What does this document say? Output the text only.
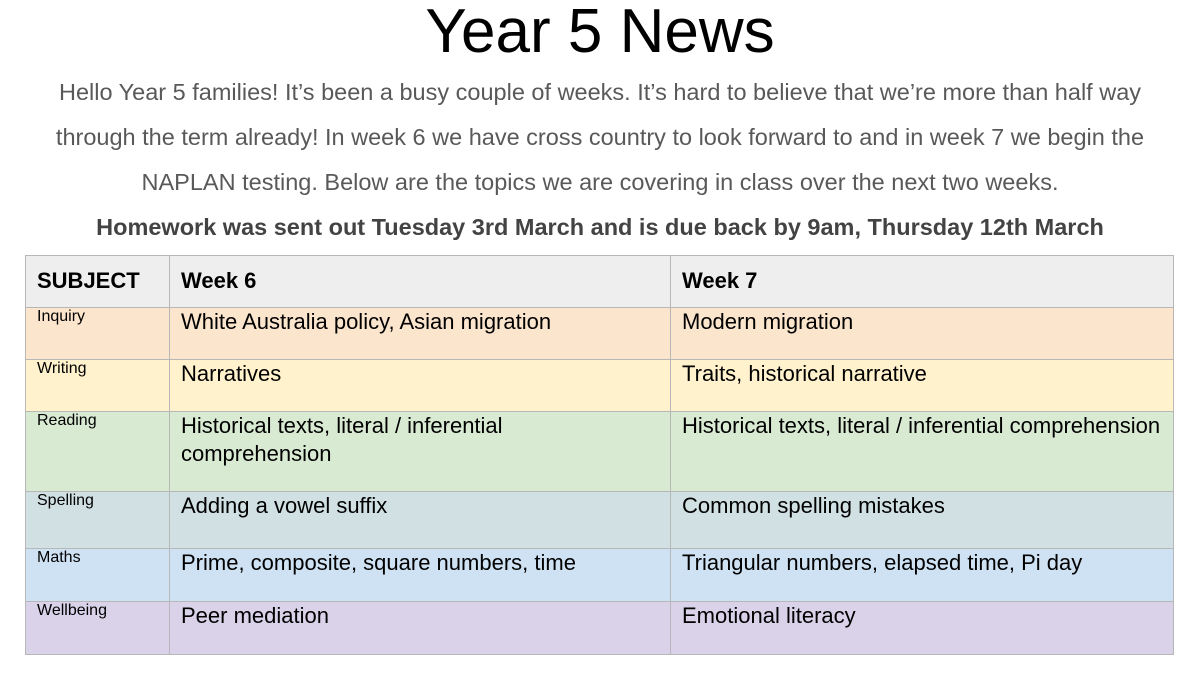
Year 5 News
Hello Year 5 families! It’s been a busy couple of weeks. It’s hard to believe that we’re more than half way through the term already! In week 6 we have cross country to look forward to and in week 7 we begin the NAPLAN testing. Below are the topics we are covering in class over the next two weeks.
Homework was sent out Tuesday 3rd March and is due back by 9am, Thursday 12th March
SUBJECT	Week 6	Week 7
Inquiry	White Australia policy, Asian migration	Modern migration
Writing	Narratives	Traits, historical narrative
Reading	Historical texts, literal / inferential comprehension	Historical texts, literal / inferential comprehension
Spelling	Adding a vowel suffix	Common spelling mistakes
Maths	Prime, composite, square numbers, time	Triangular numbers, elapsed time, Pi day
Wellbeing	Peer mediation	Emotional literacy
